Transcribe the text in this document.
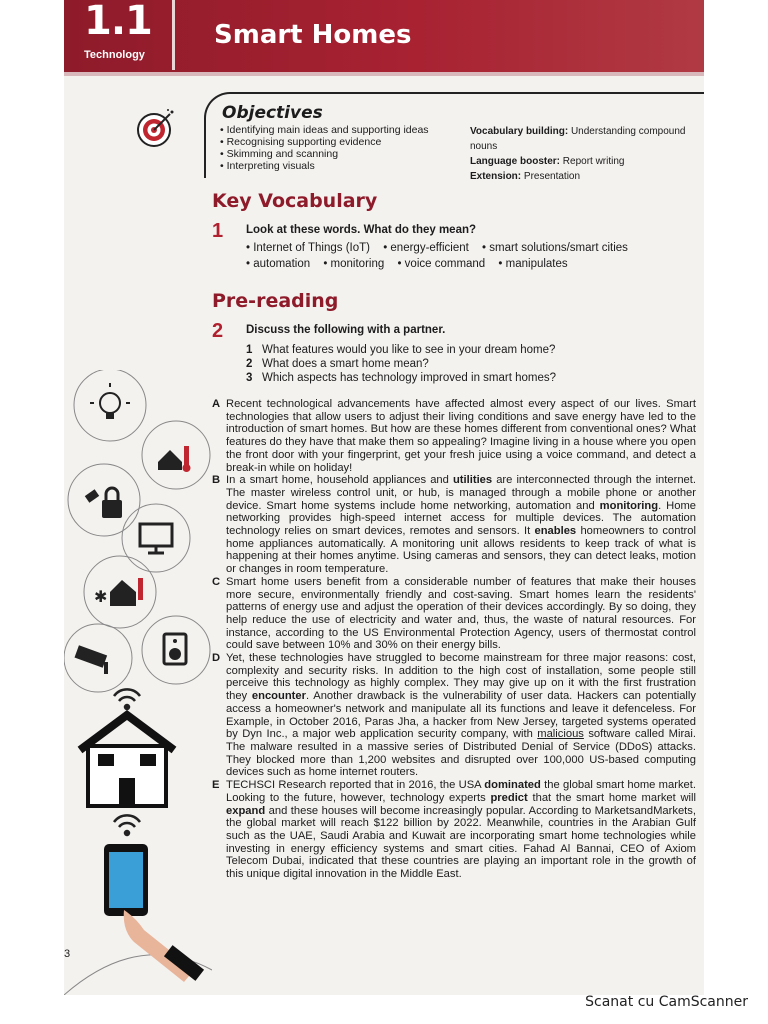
1.1
Technology
Smart Homes
Objectives
• Identifying main ideas and supporting ideas
• Recognising supporting evidence
• Skimming and scanning
• Interpreting visuals
Vocabulary building: Understanding compound nouns
Language booster: Report writing
Extension: Presentation
Key Vocabulary
1 Look at these words. What do they mean?
• Internet of Things (IoT) • energy-efficient • smart solutions/smart cities
• automation • monitoring • voice command • manipulates
Pre-reading
2 Discuss the following with a partner.
1 What features would you like to see in your dream home?
2 What does a smart home mean?
3 Which aspects has technology improved in smart homes?
✱
A Recent technological advancements have affected almost every aspect of our lives. Smart technologies that allow users to adjust their living conditions and save energy have led to the introduction of smart homes. But how are these homes different from conventional ones? What features do they have that make them so appealing? Imagine living in a house where you open the front door with your fingerprint, get your fresh juice using a voice command, and detect a break-in while on holiday!
B In a smart home, household appliances and utilities are interconnected through the internet. The master wireless control unit, or hub, is managed through a mobile phone or another device. Smart home systems include home networking, automation and monitoring. Home networking provides high-speed internet access for multiple devices. The automation technology relies on smart devices, remotes and sensors. It enables homeowners to control home appliances automatically. A monitoring unit allows residents to keep track of what is happening at their homes anytime. Using cameras and sensors, they can detect leaks, motion or changes in room temperature.
C Smart home users benefit from a considerable number of features that make their houses more secure, environmentally friendly and cost-saving. Smart homes learn the residents' patterns of energy use and adjust the operation of their devices accordingly. By so doing, they help reduce the use of electricity and water and, thus, the waste of natural resources. For instance, according to the US Environmental Protection Agency, users of thermostat control could save between 10% and 30% on their energy bills.
D Yet, these technologies have struggled to become mainstream for three major reasons: cost, complexity and security risks. In addition to the high cost of installation, some people still perceive this technology as highly complex. They may give up on it with the first frustration they encounter. Another drawback is the vulnerability of user data. Hackers can potentially access a homeowner's network and manipulate all its functions and leave it defenceless. For Example, in October 2016, Paras Jha, a hacker from New Jersey, targeted systems operated by Dyn Inc., a major web application security company, with malicious software called Mirai. The malware resulted in a massive series of Distributed Denial of Service (DDoS) attacks. They blocked more than 1,200 websites and disrupted over 100,000 US-based computing devices such as home internet routers.
E TECHSCI Research reported that in 2016, the USA dominated the global smart home market. Looking to the future, however, technology experts predict that the smart home market will expand and these houses will become increasingly popular. According to MarketsandMarkets, the global market will reach $122 billion by 2022. Meanwhile, countries in the Arabian Gulf such as the UAE, Saudi Arabia and Kuwait are incorporating smart home technologies while investing in energy efficiency systems and smart cities. Fahad Al Bannai, CEO of Axiom Telecom Dubai, indicated that these countries are playing an important role in the growth of this unique digital innovation in the Middle East.
3
Scanat cu CamScanner
